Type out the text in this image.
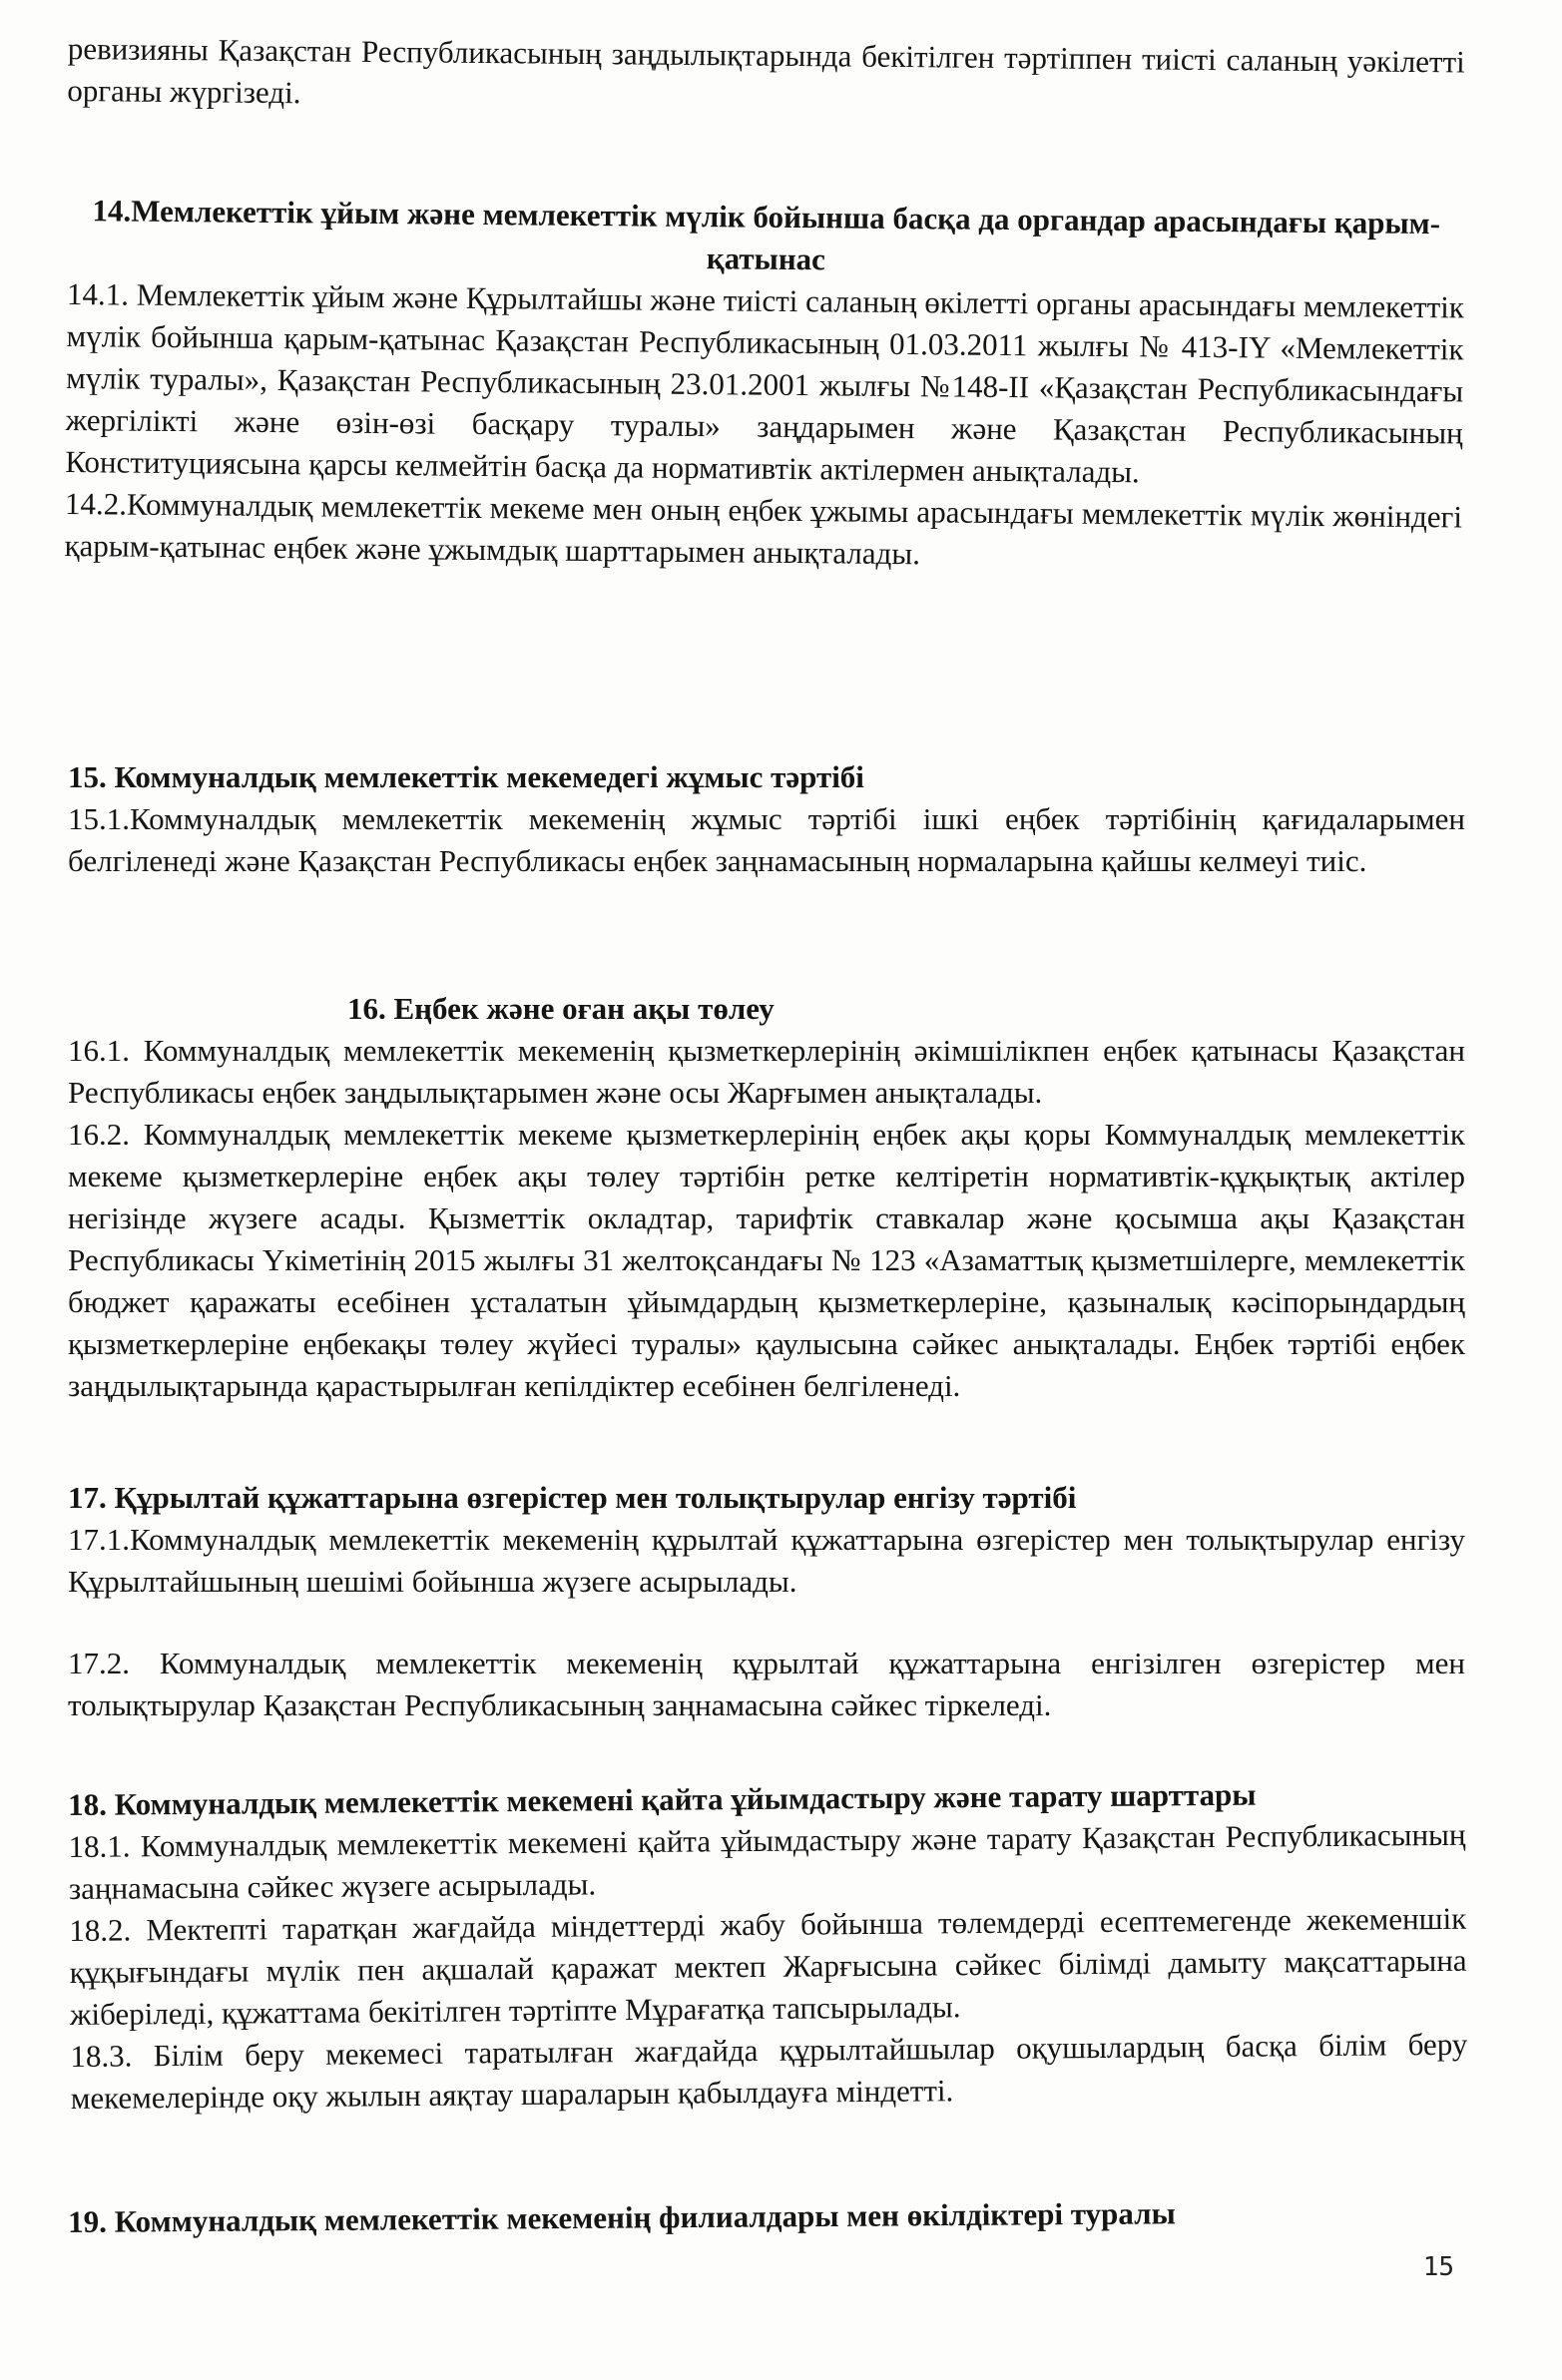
ревизияны Қазақстан Республикасының заңдылықтарында бекітілген тәртіппен тиісті саланың уәкілетті органы жүргізеді.

14.Мемлекеттік ұйым және мемлекеттік мүлік бойынша басқа да органдар арасындағы қарым-қатынас

14.1. Мемлекеттік ұйым және Құрылтайшы және тиісті саланың өкілетті органы арасындағы мемлекеттік мүлік бойынша қарым-қатынас Қазақстан Республикасының 01.03.2011 жылғы № 413-IY «Мемлекеттік мүлік туралы», Қазақстан Республикасының 23.01.2001 жылғы №148-II «Қазақстан Республикасындағы жергілікті және өзін-өзі басқару туралы» заңдарымен және Қазақстан Республикасының Конституциясына қарсы келмейтін басқа да нормативтік актілермен анықталады.

14.2.Коммуналдық мемлекеттік мекеме мен оның еңбек ұжымы арасындағы мемлекеттік мүлік жөніндегі қарым-қатынас еңбек және ұжымдық шарттарымен анықталады.

15. Коммуналдық мемлекеттік мекемедегі жұмыс тәртібі

15.1.Коммуналдық мемлекеттік мекеменің жұмыс тәртібі ішкі еңбек тәртібінің қағидаларымен белгіленеді және Қазақстан Республикасы еңбек заңнамасының нормаларына қайшы келмеуі тиіс.

16. Еңбек және оған ақы төлеу

16.1. Коммуналдық мемлекеттік мекеменің қызметкерлерінің әкімшілікпен еңбек қатынасы Қазақстан Республикасы еңбек заңдылықтарымен және осы Жарғымен анықталады.

16.2. Коммуналдық мемлекеттік мекеме қызметкерлерінің еңбек ақы қоры Коммуналдық мемлекеттік мекеме қызметкерлеріне еңбек ақы төлеу тәртібін ретке келтіретін нормативтік-құқықтық актілер негізінде жүзеге асады. Қызметтік окладтар, тарифтік ставкалар және қосымша ақы Қазақстан Республикасы Үкіметінің 2015 жылғы 31 желтоқсандағы № 123 «Азаматтық қызметшілерге, мемлекеттік бюджет қаражаты есебінен ұсталатын ұйымдардың қызметкерлеріне, қазыналық кәсіпорындардың қызметкерлеріне еңбекақы төлеу жүйесі туралы» қаулысына сәйкес анықталады. Еңбек тәртібі еңбек заңдылықтарында қарастырылған кепілдіктер есебінен белгіленеді.

17. Құрылтай құжаттарына өзгерістер мен толықтырулар енгізу тәртібі

17.1.Коммуналдық мемлекеттік мекеменің құрылтай құжаттарына өзгерістер мен толықтырулар енгізу Құрылтайшының шешімі бойынша жүзеге асырылады.

17.2. Коммуналдық мемлекеттік мекеменің құрылтай құжаттарына енгізілген өзгерістер мен толықтырулар Қазақстан Республикасының заңнамасына сәйкес тіркеледі.

18. Коммуналдық мемлекеттік мекемені қайта ұйымдастыру және тарату шарттары

18.1. Коммуналдық мемлекеттік мекемені қайта ұйымдастыру және тарату Қазақстан Республикасының заңнамасына сәйкес жүзеге асырылады.

18.2. Мектепті таратқан жағдайда міндеттерді жабу бойынша төлемдерді есептемегенде жекеменшік құқығындағы мүлік пен ақшалай қаражат мектеп Жарғысына сәйкес білімді дамыту мақсаттарына жіберіледі, құжаттама бекітілген тәртіпте Мұрағатқа тапсырылады.

18.3. Білім беру мекемесі таратылған жағдайда құрылтайшылар оқушылардың басқа білім беру мекемелерінде оқу жылын аяқтау шараларын қабылдауға міндетті.

19. Коммуналдық мемлекеттік мекеменің филиалдары мен өкілдіктері туралы

15
